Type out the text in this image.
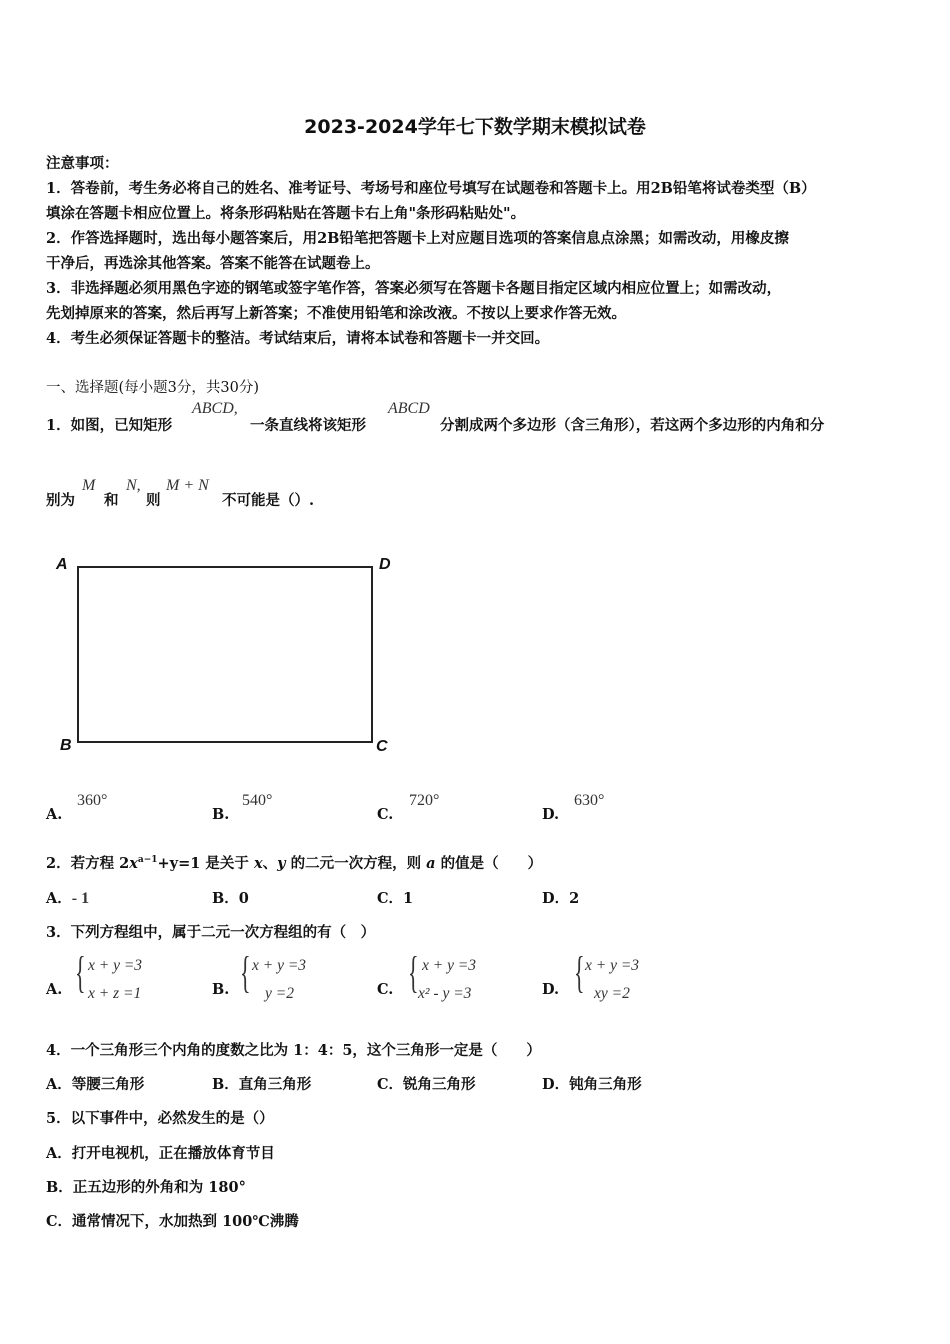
2023-2024学年七下数学期末模拟试卷
注意事项：
1．答卷前，考生务必将自己的姓名、准考证号、考场号和座位号填写在试题卷和答题卡上。用2B铅笔将试卷类型（B）
填涂在答题卡相应位置上。将条形码粘贴在答题卡右上角"条形码粘贴处"。
2．作答选择题时，选出每小题答案后，用2B铅笔把答题卡上对应题目选项的答案信息点涂黑；如需改动，用橡皮擦
干净后，再选涂其他答案。答案不能答在试题卷上。
3．非选择题必须用黑色字迹的钢笔或签字笔作答，答案必须写在答题卡各题目指定区域内相应位置上；如需改动，
先划掉原来的答案，然后再写上新答案；不准使用铅笔和涂改液。不按以上要求作答无效。
4．考生必须保证答题卡的整洁。考试结束后，请将本试卷和答题卡一并交回。
一、选择题(每小题3分，共30分)
1．如图，已知矩形
ABCD,
一条直线将该矩形
ABCD
分割成两个多边形（含三角形），若这两个多边形的内角和分
别为
M
和
N,
则
M + N
不可能是（）.
A	D
B	C
A.
360°
B.
540°
C.
720°
D.
630°
2．若方程 $2x^{a-1}+y=1$ 是关于 x、y 的二元一次方程，则 a 的值是（　　）
A．- 1	B．0	C．1	D．2
3．下列方程组中，属于二元一次方程组的有（　）
A. { x + y =3
x + z =1	B. { x + y =3
y =2	C. { x + y =3
x² - y =3	D. { x + y =3
xy =2
4．一个三角形三个内角的度数之比为 1：4：5，这个三角形一定是（　　）
A．等腰三角形	B．直角三角形	C．锐角三角形	D．钝角三角形
5．以下事件中，必然发生的是（）
A．打开电视机，正在播放体育节目
B．正五边形的外角和为 180°
C．通常情况下，水加热到 100℃沸腾
